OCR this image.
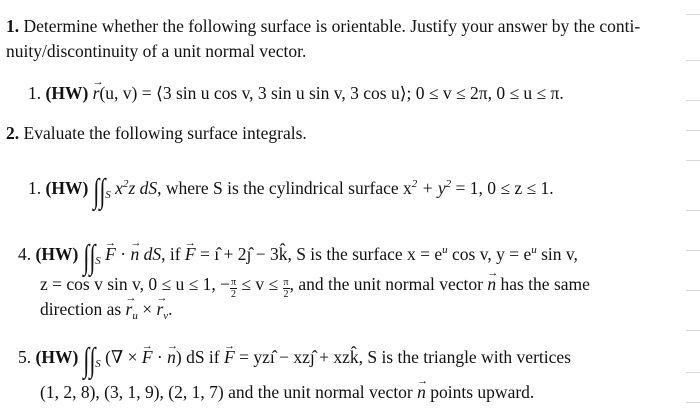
1. Determine whether the following surface is orientable. Justify your answer by the conti-
nuity/discontinuity of a unit normal vector.
1. (HW) r →(u, v) = ⟨3 sin u cos v, 3 sin u sin v, 3 cos u⟩; 0 ≤ v ≤ 2π, 0 ≤ u ≤ π.
2. Evaluate the following surface integrals.
1. (HW) $\int\int_S$ $x^2z$ dS, where S is the cylindrical surface $x^2 + y^2 = 1$, 0 ≤ z ≤ 1.
4. (HW) $\int\int_S$ F → · n → dS, if F → = ı̂ + 2ȷ̂ − 3k̂, S is the surface $x = e^u$ cos v, $y = e^u$ sin v,
z = cos v sin v, 0 ≤ u ≤ 1, − $\frac{\pi}{2} \le v \le \frac{\pi}{2}$ , and the unit normal vector n → has the same
direction as $r \to_u \times r \to_v$.
5. (HW) $\int\int_S$ (∇ × F → · n →) dS if F → = yzı̂ − xzȷ̂ + xzk̂, S is the triangle with vertices
(1, 2, 8), (3, 1, 9), (2, 1, 7) and the unit normal vector n → points upward.
